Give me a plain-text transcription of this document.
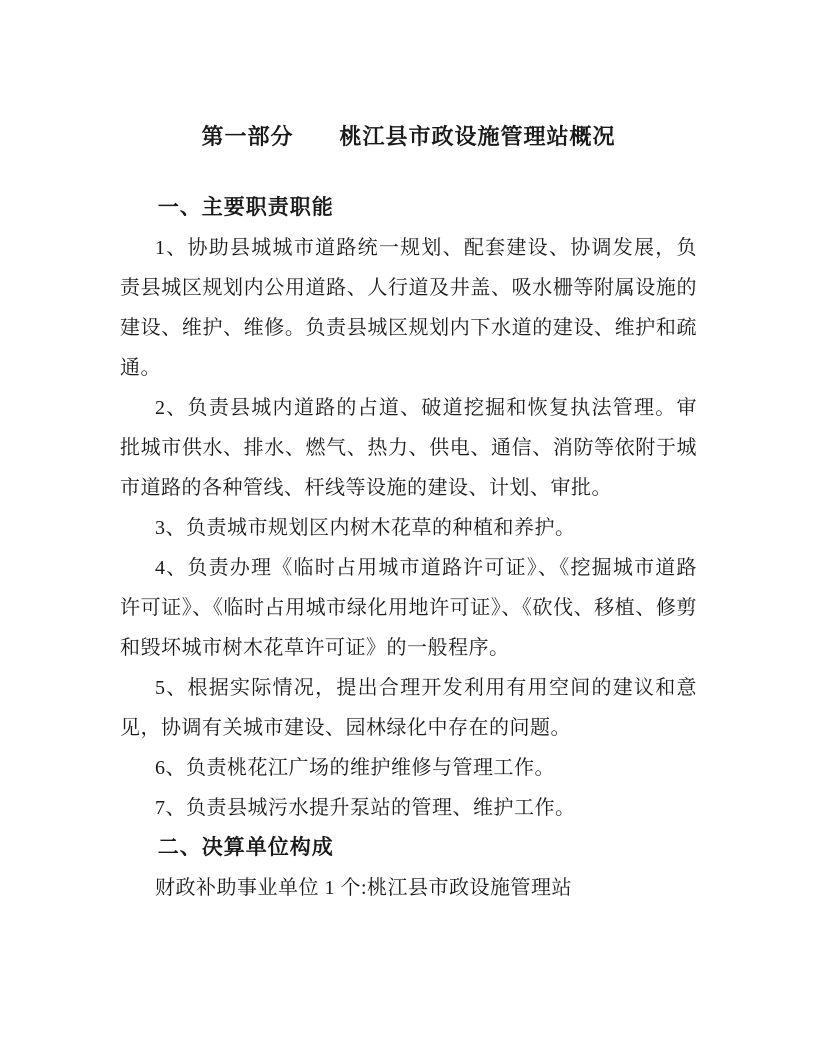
第一部分　　桃江县市政设施管理站概况
一、主要职责职能

1、协助县城城市道路统一规划、配套建设、协调发展，负责县城区规划内公用道路、人行道及井盖、吸水栅等附属设施的建设、维护、维修。负责县城区规划内下水道的建设、维护和疏通。

2、负责县城内道路的占道、破道挖掘和恢复执法管理。审批城市供水、排水、燃气、热力、供电、通信、消防等依附于城市道路的各种管线、杆线等设施的建设、计划、审批。

3、负责城市规划区内树木花草的种植和养护。

4、负责办理《临时占用城市道路许可证》、《挖掘城市道路许可证》、《临时占用城市绿化用地许可证》、《砍伐、移植、修剪和毁坏城市树木花草许可证》的一般程序。

5、根据实际情况，提出合理开发利用有用空间的建议和意见，协调有关城市建设、园林绿化中存在的问题。

6、负责桃花江广场的维护维修与管理工作。

7、负责县城污水提升泵站的管理、维护工作。

二、决算单位构成

财政补助事业单位 1 个:桃江县市政设施管理站
